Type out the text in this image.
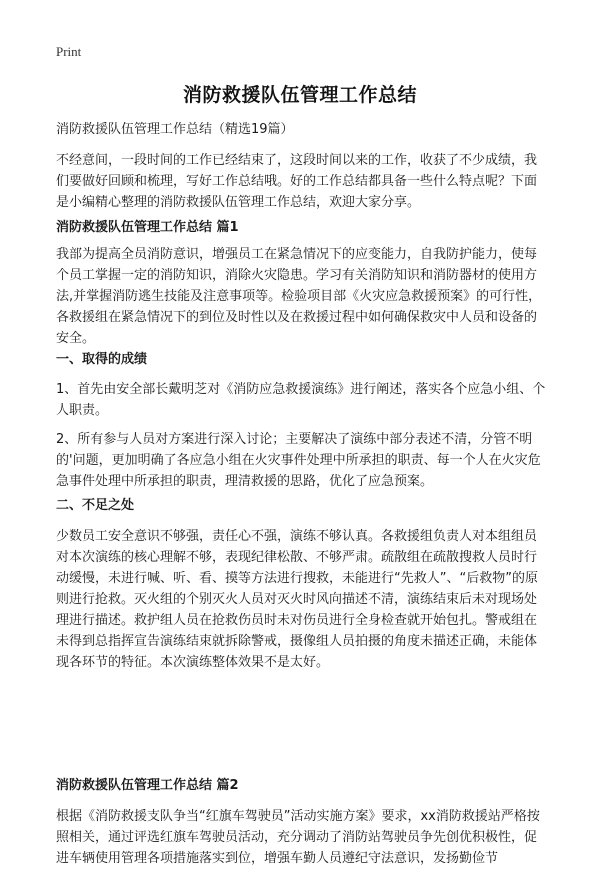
Print
消防救援队伍管理工作总结
消防救援队伍管理工作总结（精选19篇）
不经意间，一段时间的工作已经结束了，这段时间以来的工作，收获了不少成绩，我们要做好回顾和梳理，写好工作总结哦。好的工作总结都具备一些什么特点呢？下面是小编精心整理的消防救援队伍管理工作总结，欢迎大家分享。
消防救援队伍管理工作总结 篇1
我部为提高全员消防意识，增强员工在紧急情况下的应变能力，自我防护能力，使每个员工掌握一定的消防知识，消除火灾隐患。学习有关消防知识和消防器材的使用方法,并掌握消防逃生技能及注意事项等。检验项目部《火灾应急救援预案》的可行性，各救援组在紧急情况下的到位及时性以及在救援过程中如何确保救灾中人员和设备的安全。
一、取得的成绩
1、首先由安全部长戴明芝对《消防应急救援演练》进行阐述，落实各个应急小组、个人职责。
2、所有参与人员对方案进行深入讨论；主要解决了演练中部分表述不清，分管不明的'问题，更加明确了各应急小组在火灾事件处理中所承担的职责、每一个人在火灾危急事件处理中所承担的职责，理清救援的思路，优化了应急预案。
二、不足之处
少数员工安全意识不够强，责任心不强，演练不够认真。各救援组负责人对本组组员对本次演练的核心理解不够，表现纪律松散、不够严肃。疏散组在疏散搜救人员时行动缓慢，未进行喊、听、看、摸等方法进行搜救，未能进行“先救人”、“后救物”的原则进行抢救。灭火组的个别灭火人员对灭火时风向描述不清，演练结束后未对现场处理进行描述。救护组人员在抢救伤员时未对伤员进行全身检查就开始包扎。警戒组在未得到总指挥宣告演练结束就拆除警戒，摄像组人员拍摄的角度未描述正确，未能体现各环节的特征。本次演练整体效果不是太好。
消防救援队伍管理工作总结 篇2
根据《消防救援支队争当“红旗车驾驶员”活动实施方案》要求，xx消防救援站严格按照相关，通过评选红旗车驾驶员活动，充分调动了消防站驾驶员争先创优积极性，促进车辆使用管理各项措施落实到位，增强车勤人员遵纪守法意识，发扬勤俭节
